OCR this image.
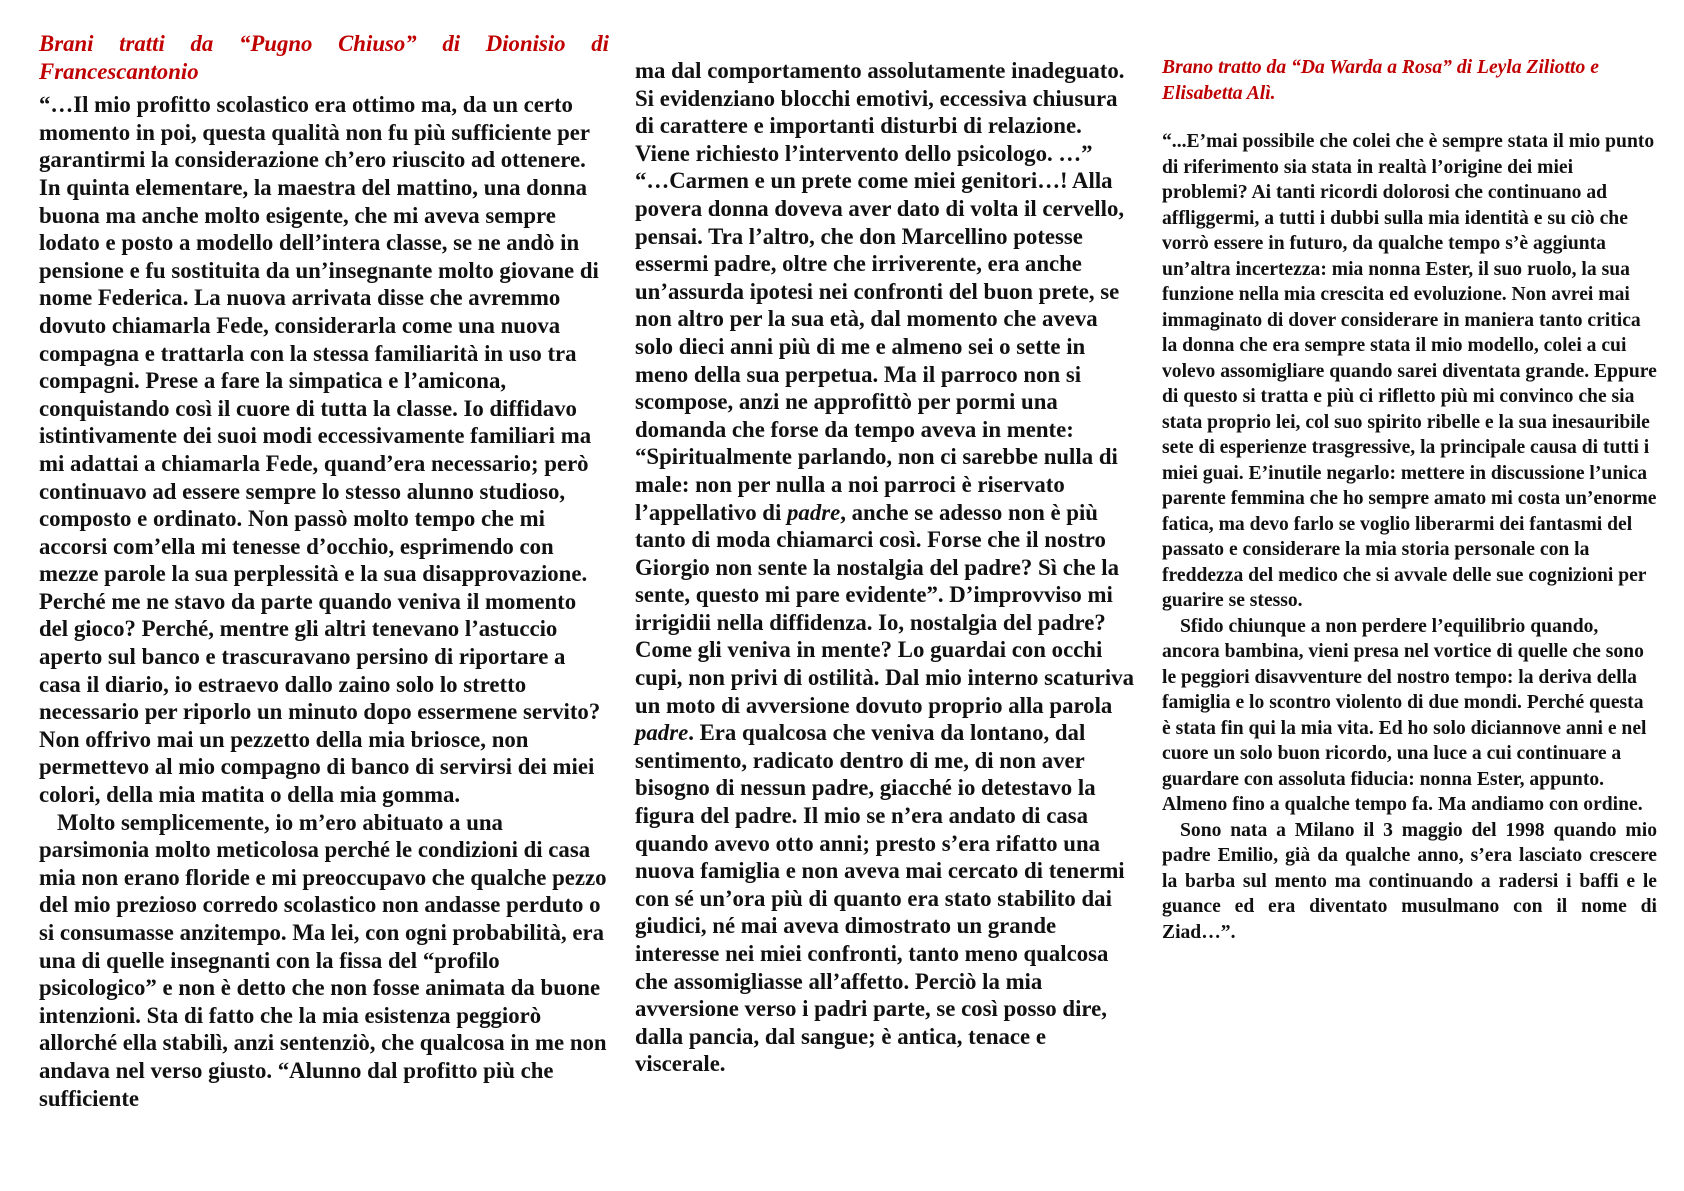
Brani tratti da “Pugno Chiuso” di Dionisio di Francescantonio

“…Il mio profitto scolastico era ottimo ma, da un certo momento in poi, questa qualità non fu più sufficiente per garantirmi la considerazione ch’ero riuscito ad ottenere. In quinta elementare, la maestra del mattino, una donna buona ma anche molto esigente, che mi aveva sempre lodato e posto a modello dell’intera classe, se ne andò in pensione e fu sostituita da un’insegnante molto giovane di nome Federica. La nuova arrivata disse che avremmo dovuto chiamarla Fede, considerarla come una nuova compagna e trattarla con la stessa familiarità in uso tra compagni. Prese a fare la simpatica e l’amicona, conquistando così il cuore di tutta la classe. Io diffidavo istintivamente dei suoi modi eccessivamente familiari ma mi adattai a chiamarla Fede, quand’era necessario; però continuavo ad essere sempre lo stesso alunno studioso, composto e ordinato. Non passò molto tempo che mi accorsi com’ella mi tenesse d’occhio, esprimendo con mezze parole la sua perplessità e la sua disapprovazione. Perché me ne stavo da parte quando veniva il momento del gioco? Perché, mentre gli altri tenevano l’astuccio aperto sul banco e trascuravano persino di riportare a casa il diario, io estraevo dallo zaino solo lo stretto necessario per riporlo un minuto dopo essermene servito? Non offrivo mai un pezzetto della mia briosce, non permettevo al mio compagno di banco di servirsi dei miei colori, della mia matita o della mia gomma.

Molto semplicemente, io m’ero abituato a una parsimonia molto meticolosa perché le condizioni di casa mia non erano floride e mi preoccupavo che qualche pezzo del mio prezioso corredo scolastico non andasse perduto o si consumasse anzitempo. Ma lei, con ogni probabilità, era una di quelle insegnanti con la fissa del “profilo psicologico” e non è detto che non fosse animata da buone intenzioni. Sta di fatto che la mia esistenza peggiorò allorché ella stabilì, anzi sentenziò, che qualcosa in me non andava nel verso giusto. “Alunno dal profitto più che sufficiente

ma dal comportamento assolutamente inadeguato. Si evidenziano blocchi emotivi, eccessiva chiusura di carattere e importanti disturbi di relazione. Viene richiesto l’intervento dello psicologo. …”

“…Carmen e un prete come miei genitori…! Alla povera donna doveva aver dato di volta il cervello, pensai. Tra l’altro, che don Marcellino potesse essermi padre, oltre che irriverente, era anche un’assurda ipotesi nei confronti del buon prete, se non altro per la sua età, dal momento che aveva solo dieci anni più di me e almeno sei o sette in meno della sua perpetua. Ma il parroco non si scompose, anzi ne approfittò per pormi una domanda che forse da tempo aveva in mente: “Spiritualmente parlando, non ci sarebbe nulla di male: non per nulla a noi parroci è riservato l’appellativo di padre, anche se adesso non è più tanto di moda chiamarci così. Forse che il nostro Giorgio non sente la nostalgia del padre? Sì che la sente, questo mi pare evidente”. D’improvviso mi irrigidii nella diffidenza. Io, nostalgia del padre? Come gli veniva in mente? Lo guardai con occhi cupi, non privi di ostilità. Dal mio interno scaturiva un moto di avversione dovuto proprio alla parola padre. Era qualcosa che veniva da lontano, dal sentimento, radicato dentro di me, di non aver bisogno di nessun padre, giacché io detestavo la figura del padre. Il mio se n’era andato di casa quando avevo otto anni; presto s’era rifatto una nuova famiglia e non aveva mai cercato di tenermi con sé un’ora più di quanto era stato stabilito dai giudici, né mai aveva dimostrato un grande interesse nei miei confronti, tanto meno qualcosa che assomigliasse all’affetto. Perciò la mia avversione verso i padri parte, se così posso dire, dalla pancia, dal sangue; è antica, tenace e viscerale.

Brano tratto da “Da Warda a Rosa” di Leyla Ziliotto e Elisabetta Alì.

“...E’mai possibile che colei che è sempre stata il mio punto di riferimento sia stata in realtà l’origine dei miei problemi? Ai tanti ricordi dolorosi che continuano ad affliggermi, a tutti i dubbi sulla mia identità e su ciò che vorrò essere in futuro, da qualche tempo s’è aggiunta un’altra incertezza: mia nonna Ester, il suo ruolo, la sua funzione nella mia crescita ed evoluzione. Non avrei mai immaginato di dover considerare in maniera tanto critica la donna che era sempre stata il mio modello, colei a cui volevo assomigliare quando sarei diventata grande. Eppure di questo si tratta e più ci rifletto più mi convinco che sia stata proprio lei, col suo spirito ribelle e la sua inesauribile sete di esperienze trasgressive, la principale causa di tutti i miei guai. E’inutile negarlo: mettere in discussione l’unica parente femmina che ho sempre amato mi costa un’enorme fatica, ma devo farlo se voglio liberarmi dei fantasmi del passato e considerare la mia storia personale con la freddezza del medico che si avvale delle sue cognizioni per guarire se stesso.

Sfido chiunque a non perdere l’equilibrio quando, ancora bambina, vieni presa nel vortice di quelle che sono le peggiori disavventure del nostro tempo: la deriva della famiglia e lo scontro violento di due mondi. Perché questa è stata fin qui la mia vita. Ed ho solo diciannove anni e nel cuore un solo buon ricordo, una luce a cui continuare a guardare con assoluta fiducia: nonna Ester, appunto. Almeno fino a qualche tempo fa. Ma andiamo con ordine.

Sono nata a Milano il 3 maggio del 1998 quando mio padre Emilio, già da qualche anno, s’era lasciato crescere la barba sul mento ma continuando a radersi i baffi e le guance ed era diventato musulmano con il nome di Ziad…”.
